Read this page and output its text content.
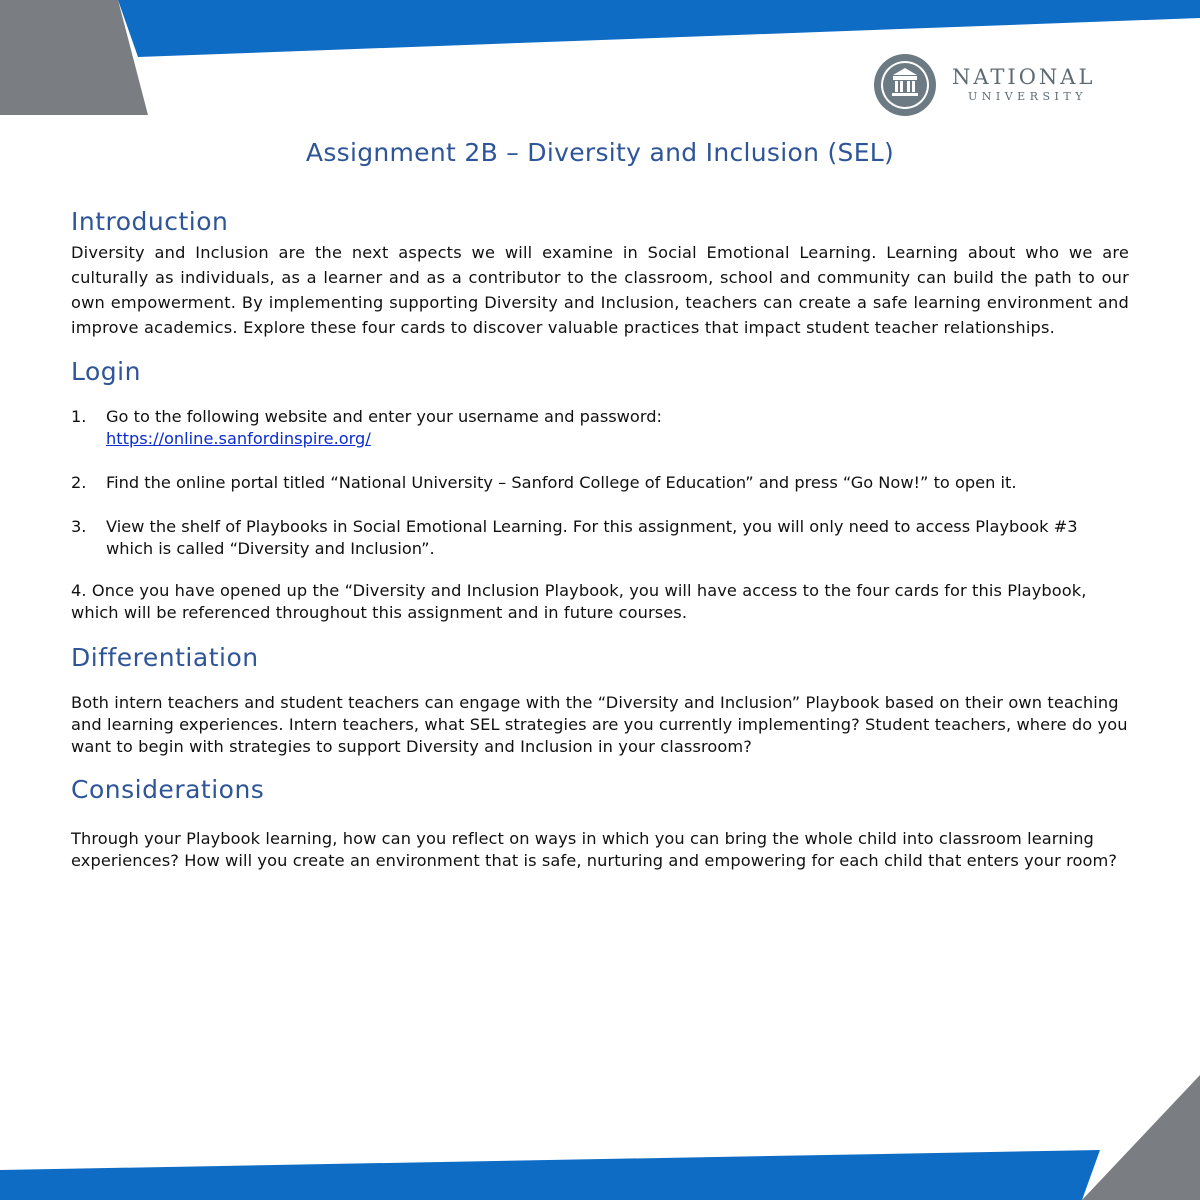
NATIONAL
UNIVERSITY
Assignment 2B – Diversity and Inclusion (SEL)
Introduction

Diversity and Inclusion are the next aspects we will examine in Social Emotional Learning. Learning about who we are culturally as individuals, as a learner and as a contributor to the classroom, school and community can build the path to our own empowerment. By implementing supporting Diversity and Inclusion, teachers can create a safe learning environment and improve academics. Explore these four cards to discover valuable practices that impact student teacher relationships.

Login
1. Go to the following website and enter your username and password:
https://online.sanfordinspire.org/
2. Find the online portal titled “National University – Sanford College of Education” and press “Go Now!” to open it.
3. View the shelf of Playbooks in Social Emotional Learning. For this assignment, you will only need to access Playbook #3 which is called “Diversity and Inclusion”.

4. Once you have opened up the “Diversity and Inclusion Playbook, you will have access to the four cards for this Playbook, which will be referenced throughout this assignment and in future courses.

Differentiation

Both intern teachers and student teachers can engage with the “Diversity and Inclusion” Playbook based on their own teaching and learning experiences. Intern teachers, what SEL strategies are you currently implementing? Student teachers, where do you want to begin with strategies to support Diversity and Inclusion in your classroom?

Considerations

Through your Playbook learning, how can you reflect on ways in which you can bring the whole child into classroom learning experiences? How will you create an environment that is safe, nurturing and empowering for each child that enters your room?
